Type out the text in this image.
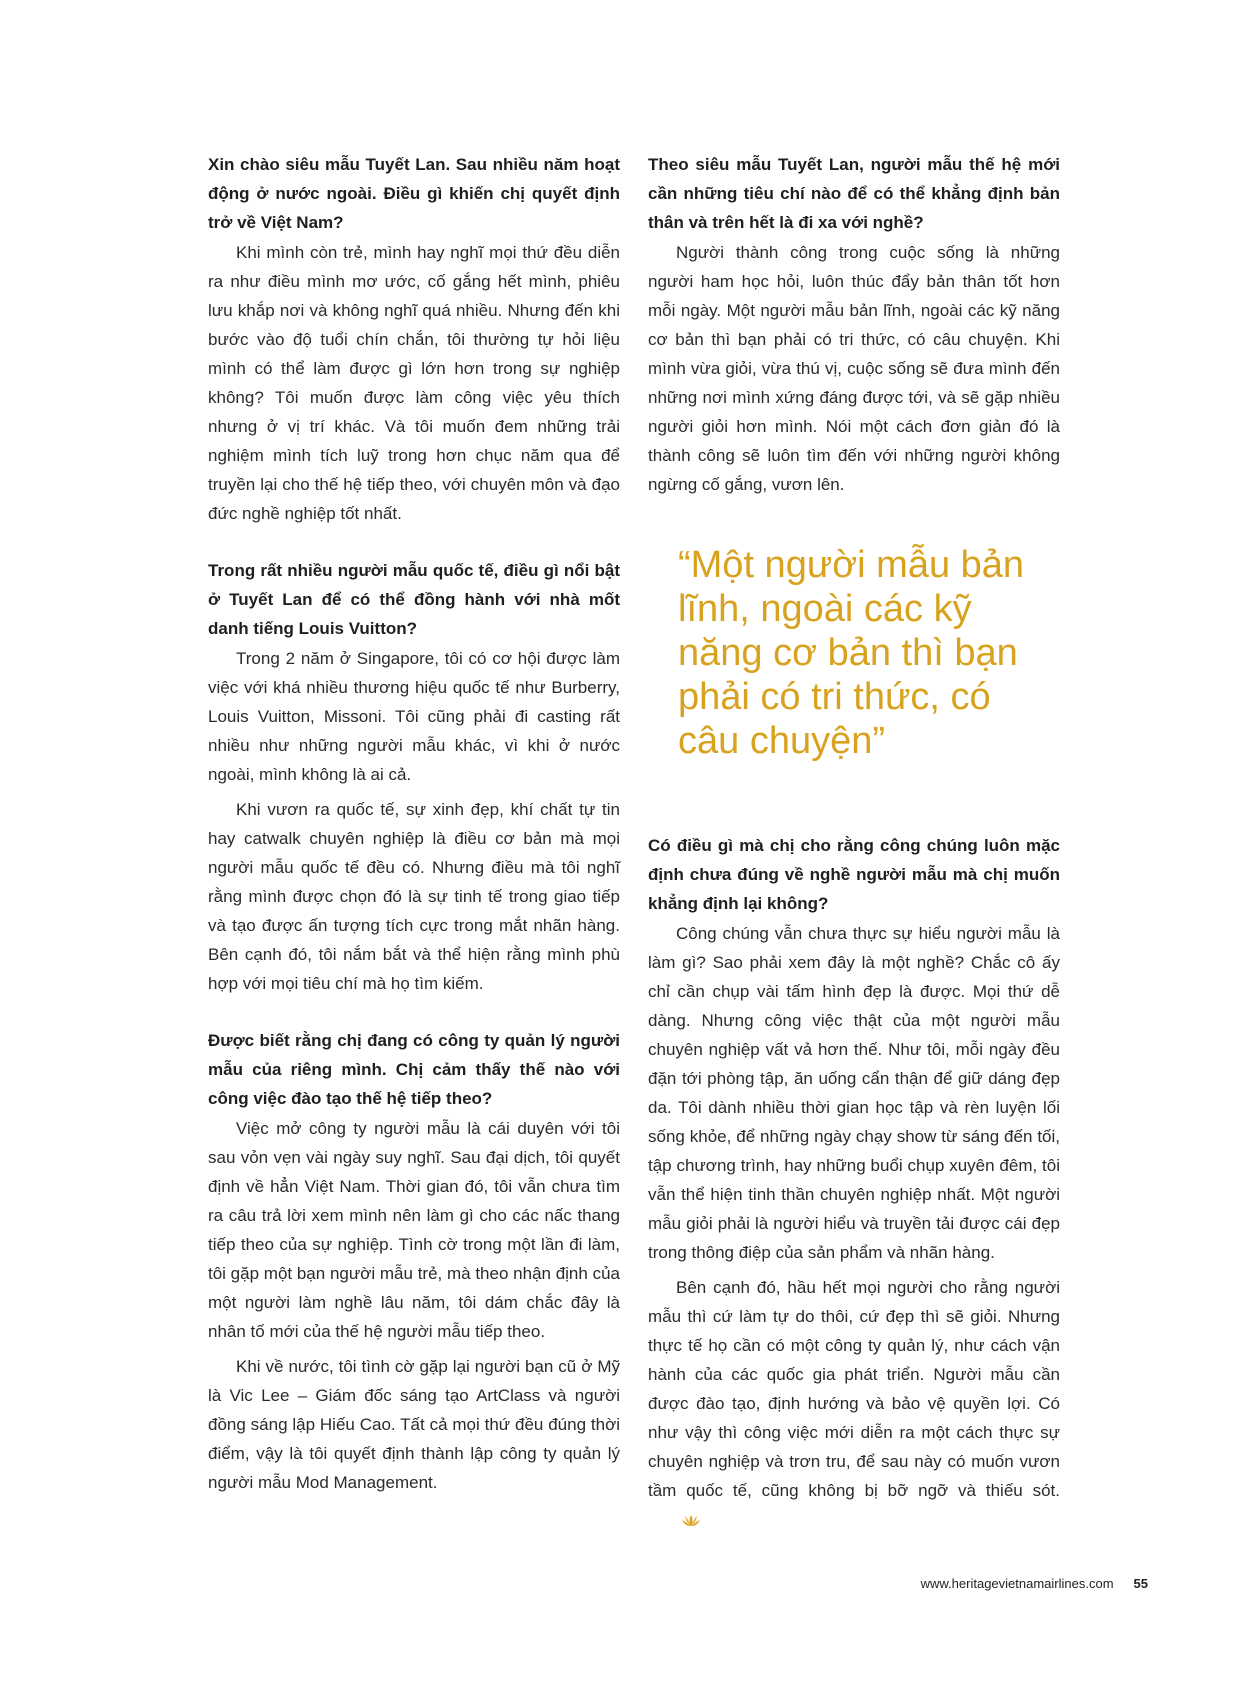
Xin chào siêu mẫu Tuyết Lan. Sau nhiều năm hoạt động ở nước ngoài. Điều gì khiến chị quyết định trở về Việt Nam?

Khi mình còn trẻ, mình hay nghĩ mọi thứ đều diễn ra như điều mình mơ ước, cố gắng hết mình, phiêu lưu khắp nơi và không nghĩ quá nhiều. Nhưng đến khi bước vào độ tuổi chín chắn, tôi thường tự hỏi liệu mình có thể làm được gì lớn hơn trong sự nghiệp không? Tôi muốn được làm công việc yêu thích nhưng ở vị trí khác. Và tôi muốn đem những trải nghiệm mình tích luỹ trong hơn chục năm qua để truyền lại cho thế hệ tiếp theo, với chuyên môn và đạo đức nghề nghiệp tốt nhất.

Trong rất nhiều người mẫu quốc tế, điều gì nổi bật ở Tuyết Lan để có thể đồng hành với nhà mốt danh tiếng Louis Vuitton?

Trong 2 năm ở Singapore, tôi có cơ hội được làm việc với khá nhiều thương hiệu quốc tế như Burberry, Louis Vuitton, Missoni. Tôi cũng phải đi casting rất nhiều như những người mẫu khác, vì khi ở nước ngoài, mình không là ai cả.

Khi vươn ra quốc tế, sự xinh đẹp, khí chất tự tin hay catwalk chuyên nghiệp là điều cơ bản mà mọi người mẫu quốc tế đều có. Nhưng điều mà tôi nghĩ rằng mình được chọn đó là sự tinh tế trong giao tiếp và tạo được ấn tượng tích cực trong mắt nhãn hàng. Bên cạnh đó, tôi nắm bắt và thể hiện rằng mình phù hợp với mọi tiêu chí mà họ tìm kiếm.

Được biết rằng chị đang có công ty quản lý người mẫu của riêng mình. Chị cảm thấy thế nào với công việc đào tạo thế hệ tiếp theo?

Việc mở công ty người mẫu là cái duyên với tôi sau vỏn vẹn vài ngày suy nghĩ. Sau đại dịch, tôi quyết định về hẳn Việt Nam. Thời gian đó, tôi vẫn chưa tìm ra câu trả lời xem mình nên làm gì cho các nấc thang tiếp theo của sự nghiệp. Tình cờ trong một lần đi làm, tôi gặp một bạn người mẫu trẻ, mà theo nhận định của một người làm nghề lâu năm, tôi dám chắc đây là nhân tố mới của thế hệ người mẫu tiếp theo.

Khi về nước, tôi tình cờ gặp lại người bạn cũ ở Mỹ là Vic Lee – Giám đốc sáng tạo ArtClass và người đồng sáng lập Hiếu Cao. Tất cả mọi thứ đều đúng thời điểm, vậy là tôi quyết định thành lập công ty quản lý người mẫu Mod Management.

Theo siêu mẫu Tuyết Lan, người mẫu thế hệ mới cần những tiêu chí nào để có thể khẳng định bản thân và trên hết là đi xa với nghề?

Người thành công trong cuộc sống là những người ham học hỏi, luôn thúc đẩy bản thân tốt hơn mỗi ngày. Một người mẫu bản lĩnh, ngoài các kỹ năng cơ bản thì bạn phải có tri thức, có câu chuyện. Khi mình vừa giỏi, vừa thú vị, cuộc sống sẽ đưa mình đến những nơi mình xứng đáng được tới, và sẽ gặp nhiều người giỏi hơn mình. Nói một cách đơn giản đó là thành công sẽ luôn tìm đến với những người không ngừng cố gắng, vươn lên.

“Một người mẫu bản lĩnh, ngoài các kỹ năng cơ bản thì bạn phải có tri thức, có câu chuyện”

Có điều gì mà chị cho rằng công chúng luôn mặc định chưa đúng về nghề người mẫu mà chị muốn khẳng định lại không?

Công chúng vẫn chưa thực sự hiểu người mẫu là làm gì? Sao phải xem đây là một nghề? Chắc cô ấy chỉ cần chụp vài tấm hình đẹp là được. Mọi thứ dễ dàng. Nhưng công việc thật của một người mẫu chuyên nghiệp vất vả hơn thế. Như tôi, mỗi ngày đều đặn tới phòng tập, ăn uống cẩn thận để giữ dáng đẹp da. Tôi dành nhiều thời gian học tập và rèn luyện lối sống khỏe, để những ngày chạy show từ sáng đến tối, tập chương trình, hay những buổi chụp xuyên đêm, tôi vẫn thể hiện tinh thần chuyên nghiệp nhất. Một người mẫu giỏi phải là người hiểu và truyền tải được cái đẹp trong thông điệp của sản phẩm và nhãn hàng.

Bên cạnh đó, hầu hết mọi người cho rằng người mẫu thì cứ làm tự do thôi, cứ đẹp thì sẽ giỏi. Nhưng thực tế họ cần có một công ty quản lý, như cách vận hành của các quốc gia phát triển. Người mẫu cần được đào tạo, định hướng và bảo vệ quyền lợi. Có như vậy thì công việc mới diễn ra một cách thực sự chuyên nghiệp và trơn tru, để sau này có muốn vươn tầm quốc tế, cũng không bị bỡ ngỡ và thiếu sót.

www.heritagevietnamairlines.com 55
